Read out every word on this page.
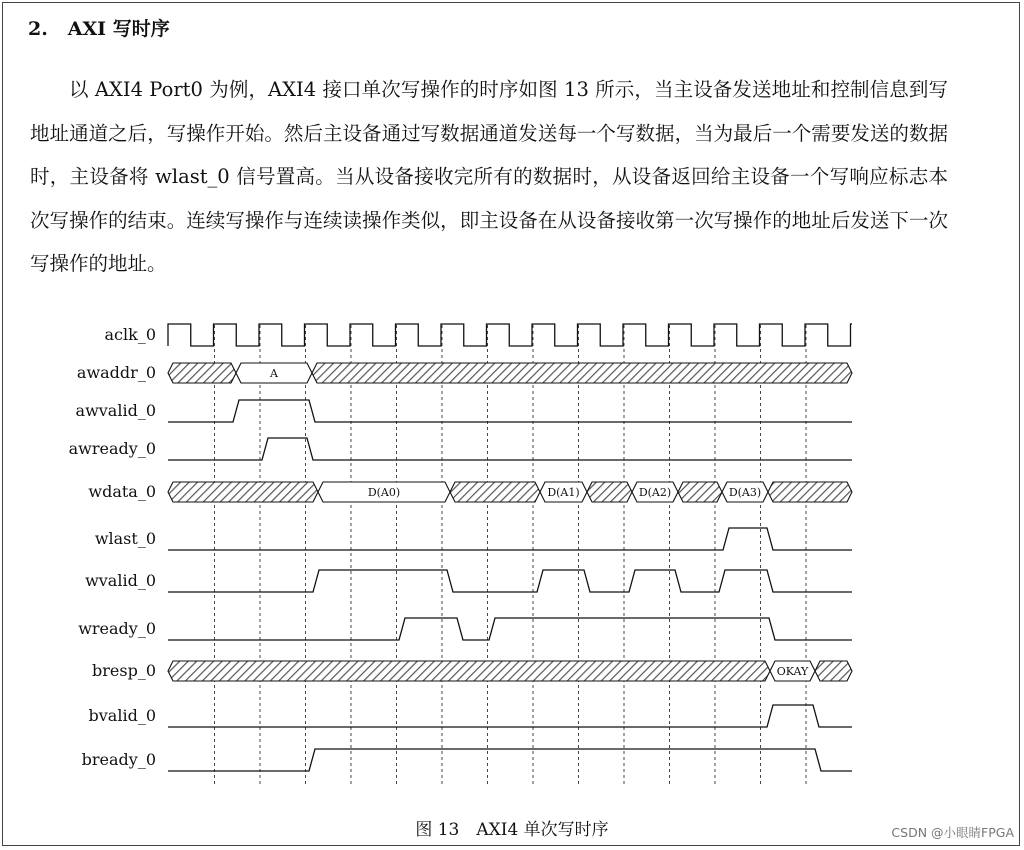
2. AXI 写时序

以 AXI4 Port0 为例，AXI4 接口单次写操作的时序如图 13 所示，当主设备发送地址和控制信息到写地址通道之后，写操作开始。然后主设备通过写数据通道发送每一个写数据，当为最后一个需要发送的数据时，主设备将 wlast_0 信号置高。当从设备接收完所有的数据时，从设备返回给主设备一个写响应标志本次写操作的结束。连续写操作与连续读操作类似，即主设备在从设备接收第一次写操作的地址后发送下一次写操作的地址。

aclk_0
awaddr_0
awvalid_0
awready_0
wdata_0
wlast_0
wvalid_0
wready_0
bresp_0
bvalid_0
bready_0
A
D(A0)	D(A1)	D(A2)	D(A3)
OKAY
图 13　AXI4 单次写时序	CSDN @小眼睛FPGA
